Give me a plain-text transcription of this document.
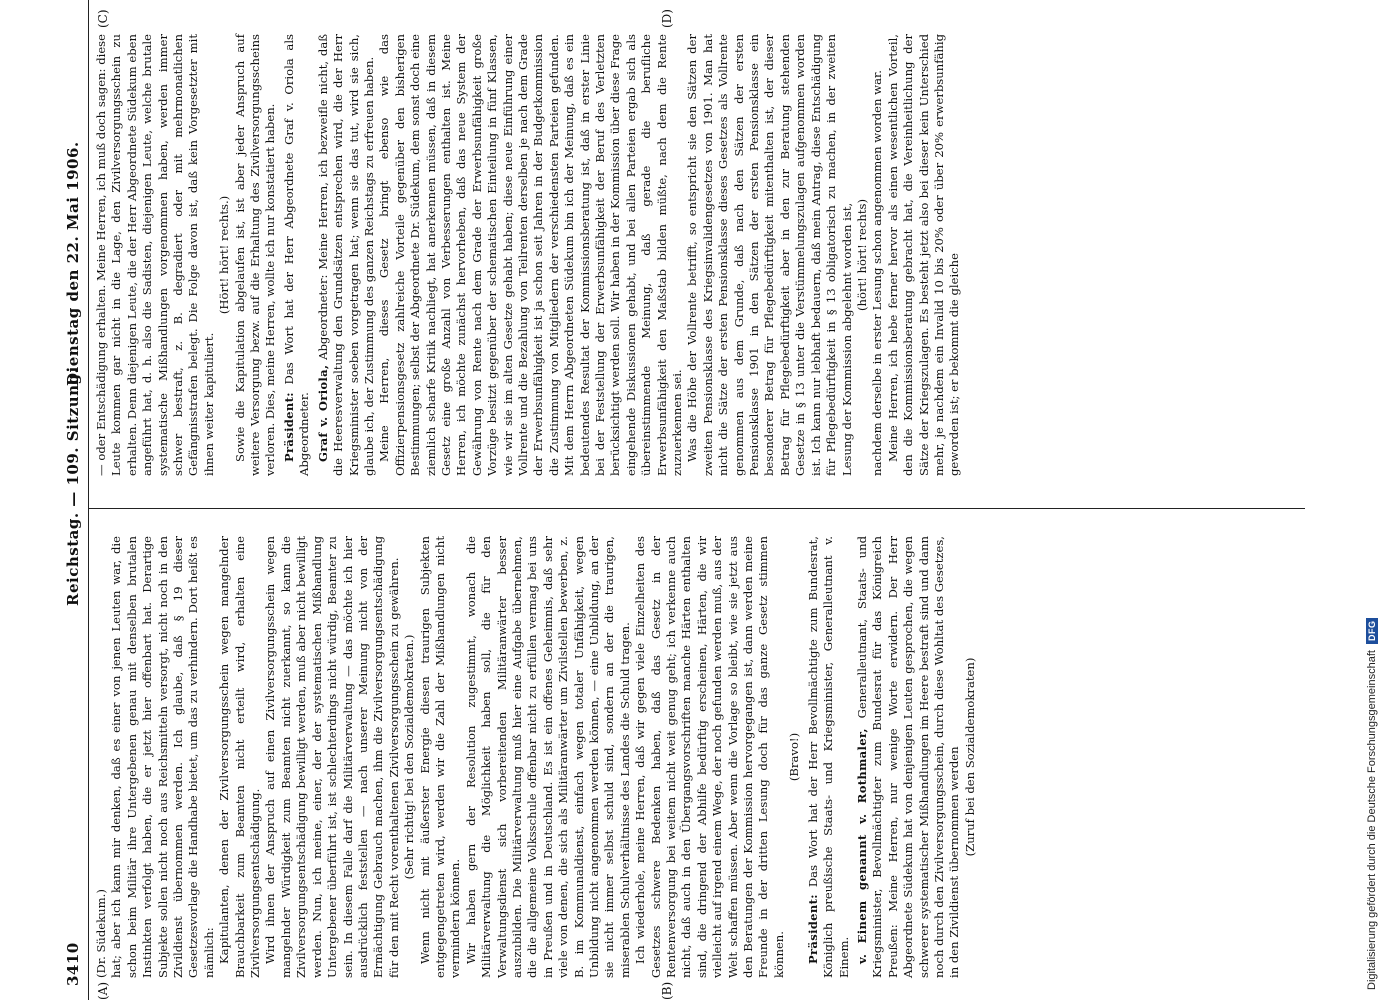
3410
Reichstag. — 109. Sitzung.
Dienstag den 22. Mai 1906.
(A)	(B)
(C)	(D)

(Dr. Südekum.) hat; aber ich kann mir denken, daß es einer von jenen Leuten war, die schon beim Militär ihre Untergebenen genau mit denselben brutalen Instinkten verfolgt haben, die er jetzt hier offenbart hat. Derartige Subjekte sollen nicht noch aus Reichsmitteln versorgt, nicht noch in den Zivildienst übernommen werden. Ich glaube, daß § 19 dieser Gesetzesvorlage die Handhabe bietet, um das zu verhindern. Dort heißt es nämlich: Kapitulanten, denen der Zivilversorgungsschein wegen mangelnder Brauchbarkeit zum Beamten nicht erteilt wird, erhalten eine Zivilversorgungsentschädigung. Wird ihnen der Anspruch auf einen Zivilversorgungsschein wegen mangelnder Würdigkeit zum Beamten nicht zuerkannt, so kann die Zivilversorgungsentschädigung bewilligt werden, muß aber nicht bewilligt werden. Nun, ich meine, einer, der der systematischen Mißhandlung Untergebener überführt ist, ist schlechterdings nicht würdig, Beamter zu sein. In diesem Falle darf die Militärverwaltung — das möchte ich hier ausdrücklich feststellen — nach unserer Meinung nicht von der Ermächtigung Gebrauch machen, ihm die Zivilversorgungsentschädigung für den mit Recht vorenthaltenen Zivilversorgungsschein zu gewähren. (Sehr richtig! bei den Sozialdemokraten.) Wenn nicht mit äußerster Energie diesen traurigen Subjekten entgegengetreten wird, werden wir die Zahl der Mißhandlungen nicht vermindern können. Wir haben gern der Resolution zugestimmt, wonach die Militärverwaltung die Möglichkeit haben soll, die für den Verwaltungsdienst sich vorbereitenden Militäranwärter besser auszubilden. Die Militärverwaltung muß hier eine Aufgabe übernehmen, die die allgemeine Volksschule offenbar nicht zu erfüllen vermag bei uns in Preußen und in Deutschland. Es ist ein offenes Geheimnis, daß sehr viele von denen, die sich als Militäranwärter um Zivilstellen bewerben, z. B. im Kommunaldienst, einfach wegen totaler Unfähigkeit, wegen Unbildung nicht angenommen werden können, — eine Unbildung, an der sie nicht immer selbst schuld sind, sondern an der die traurigen, miserablen Schulverhältnisse des Landes die Schuld tragen. Ich wiederhole, meine Herren, daß wir gegen viele Einzelheiten des Gesetzes schwere Bedenken haben, daß das Gesetz in der Rentenversorgung bei weitem nicht weit genug geht; ich verkenne auch nicht, daß auch in den Übergangsvorschriften manche Härten enthalten sind, die dringend der Abhilfe bedürftig erscheinen, Härten, die wir vielleicht auf irgend einem Wege, der noch gefunden werden muß, aus der Welt schaffen müssen. Aber wenn die Vorlage so bleibt, wie sie jetzt aus den Beratungen der Kommission hervorgegangen ist, dann werden meine Freunde in der dritten Lesung doch für das ganze Gesetz stimmen können.

(Bravo!)

Präsident: Das Wort hat der Herr Bevollmächtigte zum Bundesrat, Königlich preußische Staats- und Kriegsminister, Generalleutnant v. Einem. v. Einem genannt v. Rothmaler, Generalleutnant, Staats- und Kriegsminister, Bevollmächtigter zum Bundesrat für das Königreich Preußen: Meine Herren, nur wenige Worte erwidern. Der Herr Abgeordnete Südekum hat von denjenigen Leuten gesprochen, die wegen schwerer systematischer Mißhandlungen im Heere bestraft sind und dann noch durch den Zivilversorgungsschein, durch diese Wohltat des Gesetzes, in den Zivildienst übernommen werden (Zuruf bei den Sozialdemokraten)

— oder Entschädigung erhalten. Meine Herren, ich muß doch sagen: diese Leute kommen gar nicht in die Lage, den Zivilversorgungsschein zu erhalten. Denn diejenigen Leute, die der Herr Abgeordnete Südekum eben angeführt hat, d. h. also die Sadisten, diejenigen Leute, welche brutale systematische Mißhandlungen vorgenommen haben, werden immer schwer bestraft, z. B. degradiert oder mit mehrmonatlichen Gefängnisstrafen belegt. Die Folge davon ist, daß kein Vorgesetzter mit ihnen weiter kapituliert.

(Hört! hört! rechts.) Sowie die Kapitulation abgelaufen ist, ist aber jeder Anspruch auf weitere Versorgung bezw. auf die Erhaltung des Zivilversorgungsscheins verloren. Dies, meine Herren, wollte ich nur konstatiert haben. Präsident: Das Wort hat der Herr Abgeordnete Graf v. Oriola als Abgeordneter. Graf v. Oriola, Abgeordneter: Meine Herren, ich bezweifle nicht, daß die Heeresverwaltung den Grundsätzen entsprechen wird, die der Herr Kriegsminister soeben vorgetragen hat; wenn sie das tut, wird sie sich, glaube ich, der Zustimmung des ganzen Reichstags zu erfreuen haben. Meine Herren, dieses Gesetz bringt ebenso wie das Offizierpensionsgesetz zahlreiche Vorteile gegenüber den bisherigen Bestimmungen; selbst der Abgeordnete Dr. Südekum, dem sonst doch eine ziemlich scharfe Kritik nachliegt, hat anerkennen müssen, daß in diesem Gesetz eine große Anzahl von Verbesserungen enthalten ist. Meine Herren, ich möchte zunächst hervorheben, daß das neue System der Gewährung von Rente nach dem Grade der Erwerbsunfähigkeit große Vorzüge besitzt gegenüber der schematischen Einteilung in fünf Klassen, wie wir sie im alten Gesetze gehabt haben; diese neue Einführung einer Vollrente und die Bezahlung von Teilrenten derselben je nach dem Grade der Erwerbsunfähigkeit ist ja schon seit Jahren in der Budgetkommission die Zustimmung von Mitgliedern der verschiedensten Parteien gefunden. Mit dem Herrn Abgeordneten Südekum bin ich der Meinung, daß es ein bedeutendes Resultat der Kommissionsberatung ist, daß in erster Linie bei der Feststellung der Erwerbsunfähigkeit der Beruf des Verletzten berücksichtigt werden soll. Wir haben in der Kommission über diese Frage eingehende Diskussionen gehabt, und bei allen Parteien ergab sich als übereinstimmende Meinung, daß gerade die berufliche Erwerbsunfähigkeit den Maßstab bilden müßte, nach dem die Rente zuzuerkennen sei. Was die Höhe der Vollrente betrifft, so entspricht sie den Sätzen der zweiten Pensionsklasse des Kriegsinvalidengesetzes von 1901. Man hat nicht die Sätze der ersten Pensionsklasse dieses Gesetzes als Vollrente genommen aus dem Grunde, daß nach den Sätzen der ersten Pensionsklasse 1901 in den Sätzen der ersten Pensionsklasse ein besonderer Betrag für Pflegebedürftigkeit mitenthalten ist, der dieser Betrag für Pflegebedürftigkeit aber in den zur Beratung stehenden Gesetze in § 13 unter die Verstümmelungszulagen aufgenommen worden ist. Ich kann nur lebhaft bedauern, daß mein Antrag, diese Entschädigung für Pflegebedürftigkeit in § 13 obligatorisch zu machen, in der zweiten Lesung der Kommission abgelehnt worden ist, (hört! hört! rechts) nachdem derselbe in erster Lesung schon angenommen worden war. Meine Herren, ich hebe ferner hervor als einen wesentlichen Vorteil, den die Kommissionsberatung gebracht hat, die Vereinheitlichung der Sätze der Kriegszulagen. Es besteht jetzt also bei dieser kein Unterschied mehr, je nachdem ein Invalid 10 bis 20% oder über 20% erwerbsunfähig geworden ist; er bekommt die gleiche

Digitalisierung gefördert durch die Deutsche Forschungsgemeinschaft
DFG
